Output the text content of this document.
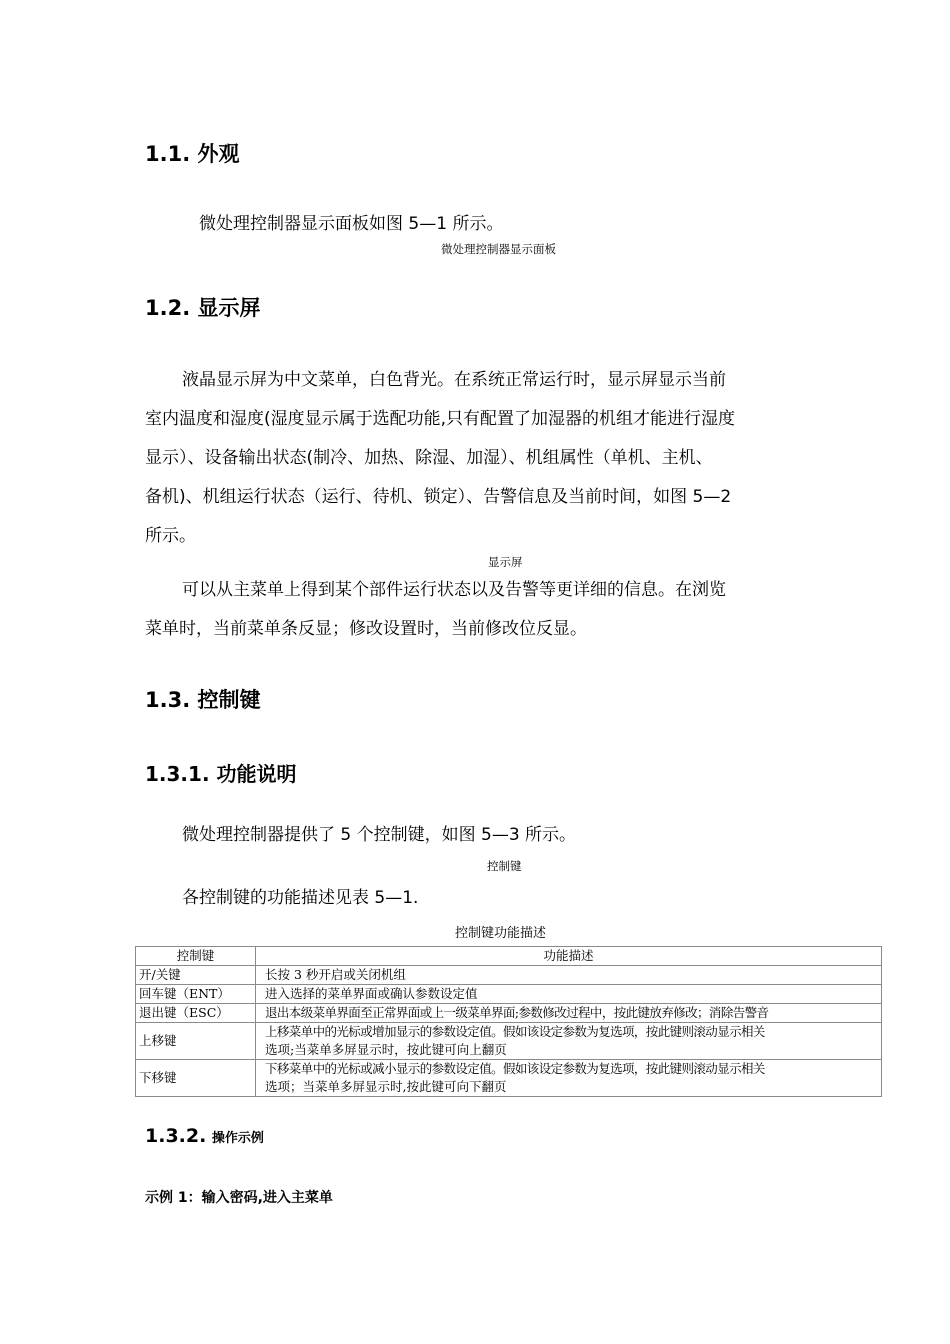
1.1. 外观
微处理控制器显示面板如图 5—1 所示。
微处理控制器显示面板
1.2. 显示屏
液晶显示屏为中文菜单，白色背光。在系统正常运行时，显示屏显示当前
室内温度和湿度(湿度显示属于选配功能,只有配置了加湿器的机组才能进行湿度
显示）、设备输出状态(制冷、加热、除湿、加湿）、机组属性（单机、主机、
备机)、机组运行状态（运行、待机、锁定）、告警信息及当前时间，如图 5—2
所示。
显示屏
可以从主菜单上得到某个部件运行状态以及告警等更详细的信息。在浏览
菜单时，当前菜单条反显；修改设置时，当前修改位反显。
1.3. 控制键
1.3.1. 功能说明
微处理控制器提供了 5 个控制键，如图 5—3 所示。
控制键
各控制键的功能描述见表 5—1.
控制键功能描述
控制键	功能描述
开/关键	长按 3 秒开启或关闭机组
回车键（ENT）	进入选择的菜单界面或确认参数设定值
退出键（ESC）	退出本级菜单界面至正常界面或上一级菜单界面;参数修改过程中，按此键放弃修改；消除告警音
上移键	上移菜单中的光标或增加显示的参数设定值。假如该设定参数为复选项，按此键则滚动显示相关
选项;当菜单多屏显示时，按此键可向上翻页

下移键	下移菜单中的光标或减小显示的参数设定值。假如该设定参数为复选项，按此键则滚动显示相关
选项；当菜单多屏显示时,按此键可向下翻页
1.3.2. 操作示例
示例 1：输入密码,进入主菜单
